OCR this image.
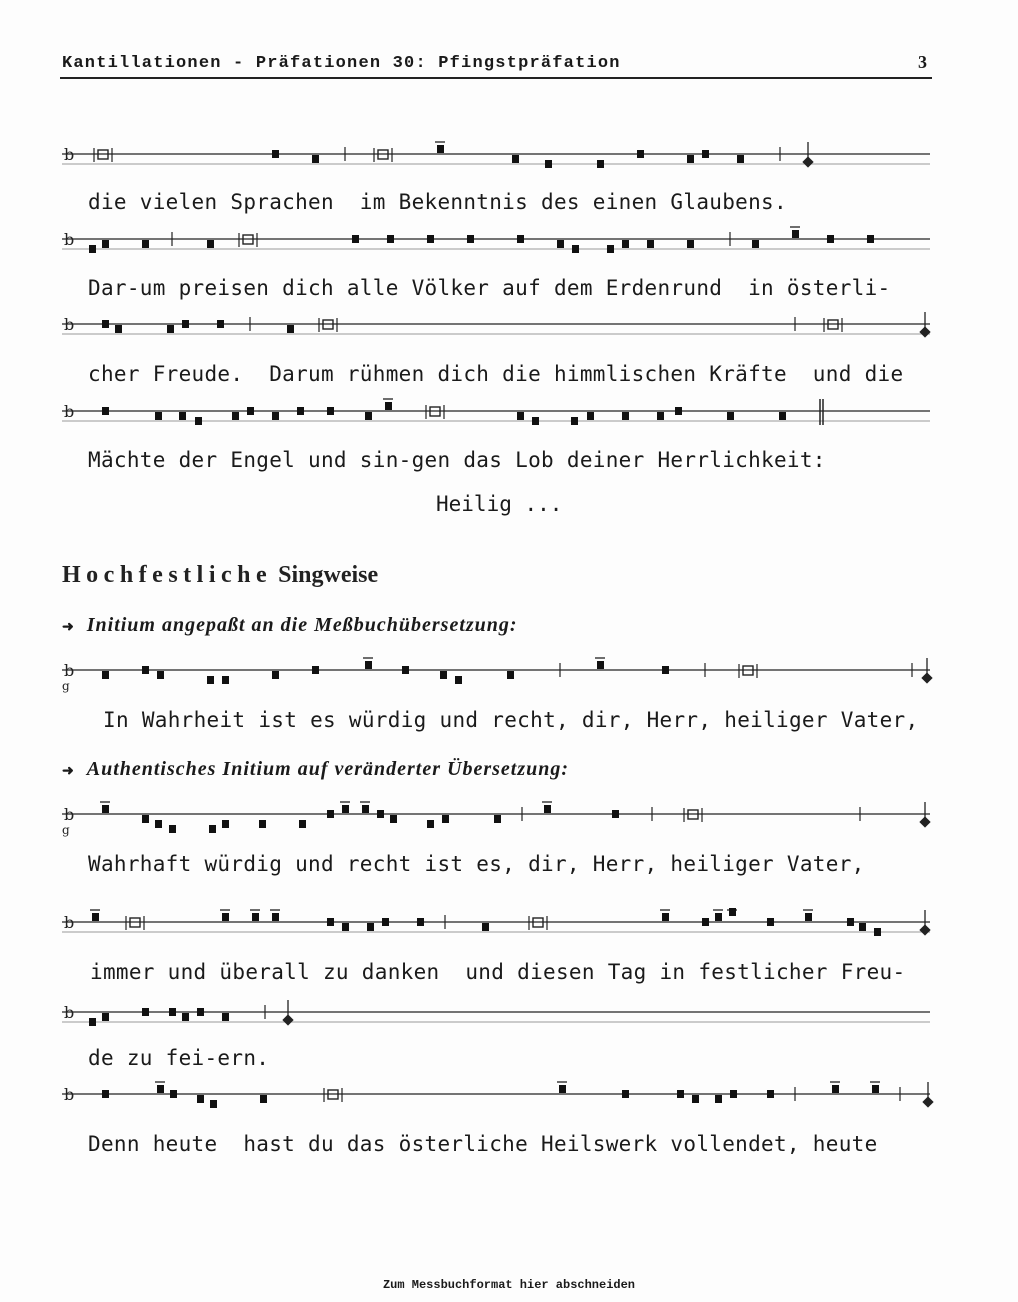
Kantillationen - Präfationen 30: Pfingstpräfation	3
b
die vielen Sprachen  im Bekenntnis des einen Glaubens.
b
Dar-um preisen dich alle Völker auf dem Erdenrund  in österli-
b
cher Freude.  Darum rühmen dich die himmlischen Kräfte  und die
b
Mächte der Engel und sin-gen das Lob deiner Herrlichkeit:
Heilig ...
Hochfestliche Singweise
➜ Initium angepaßt an die Meßbuchübersetzung:
b
g
In Wahrheit ist es würdig und recht, dir, Herr, heiliger Vater,
➜ Authentisches Initium auf veränderter Übersetzung:
b
g
Wahrhaft würdig und recht ist es, dir, Herr, heiliger Vater,
b
immer und überall zu danken  und diesen Tag in festlicher Freu-
b
de zu fei-ern.
b
Denn heute  hast du das österliche Heilswerk vollendet, heute
Zum Messbuchformat hier abschneiden
